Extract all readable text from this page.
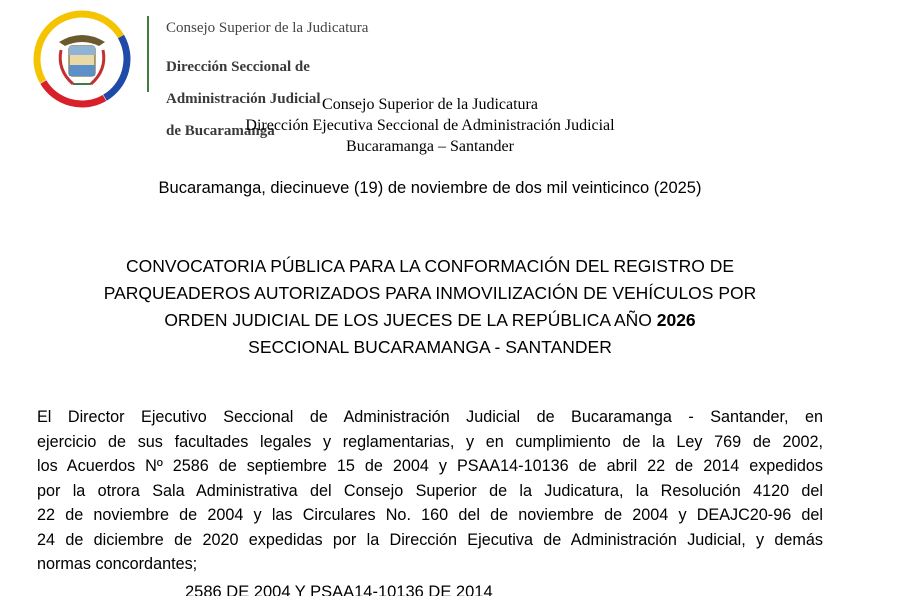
Consejo Superior de la Judicatura

Dirección Seccional de

Administración Judicial

de Bucaramanga

Consejo Superior de la Judicatura
Dirección Ejecutiva Seccional de Administración Judicial
Bucaramanga – Santander
Bucaramanga, diecinueve (19) de noviembre de dos mil veinticinco (2025)
CONVOCATORIA PÚBLICA PARA LA CONFORMACIÓN DEL REGISTRO DE
PARQUEADEROS AUTORIZADOS PARA INMOVILIZACIÓN DE VEHÍCULOS POR
ORDEN JUDICIAL DE LOS JUECES DE LA REPÚBLICA AÑO 2026
SECCIONAL BUCARAMANGA - SANTANDER
El Director Ejecutivo Seccional de Administración Judicial de Bucaramanga - Santander, en
ejercicio de sus facultades legales y reglamentarias, y en cumplimiento de la Ley 769 de 2002,
los Acuerdos Nº 2586 de septiembre 15 de 2004 y PSAA14-10136 de abril 22 de 2014 expedidos
por la otrora Sala Administrativa del Consejo Superior de la Judicatura, la Resolución 4120 del
22 de noviembre de 2004 y las Circulares No. 160 del de noviembre de 2004 y DEAJC20-96 del
24 de diciembre de 2020 expedidas por la Dirección Ejecutiva de Administración Judicial, y demás
normas concordantes;
2586 DE 2004 Y PSAA14-10136 DE 2014
